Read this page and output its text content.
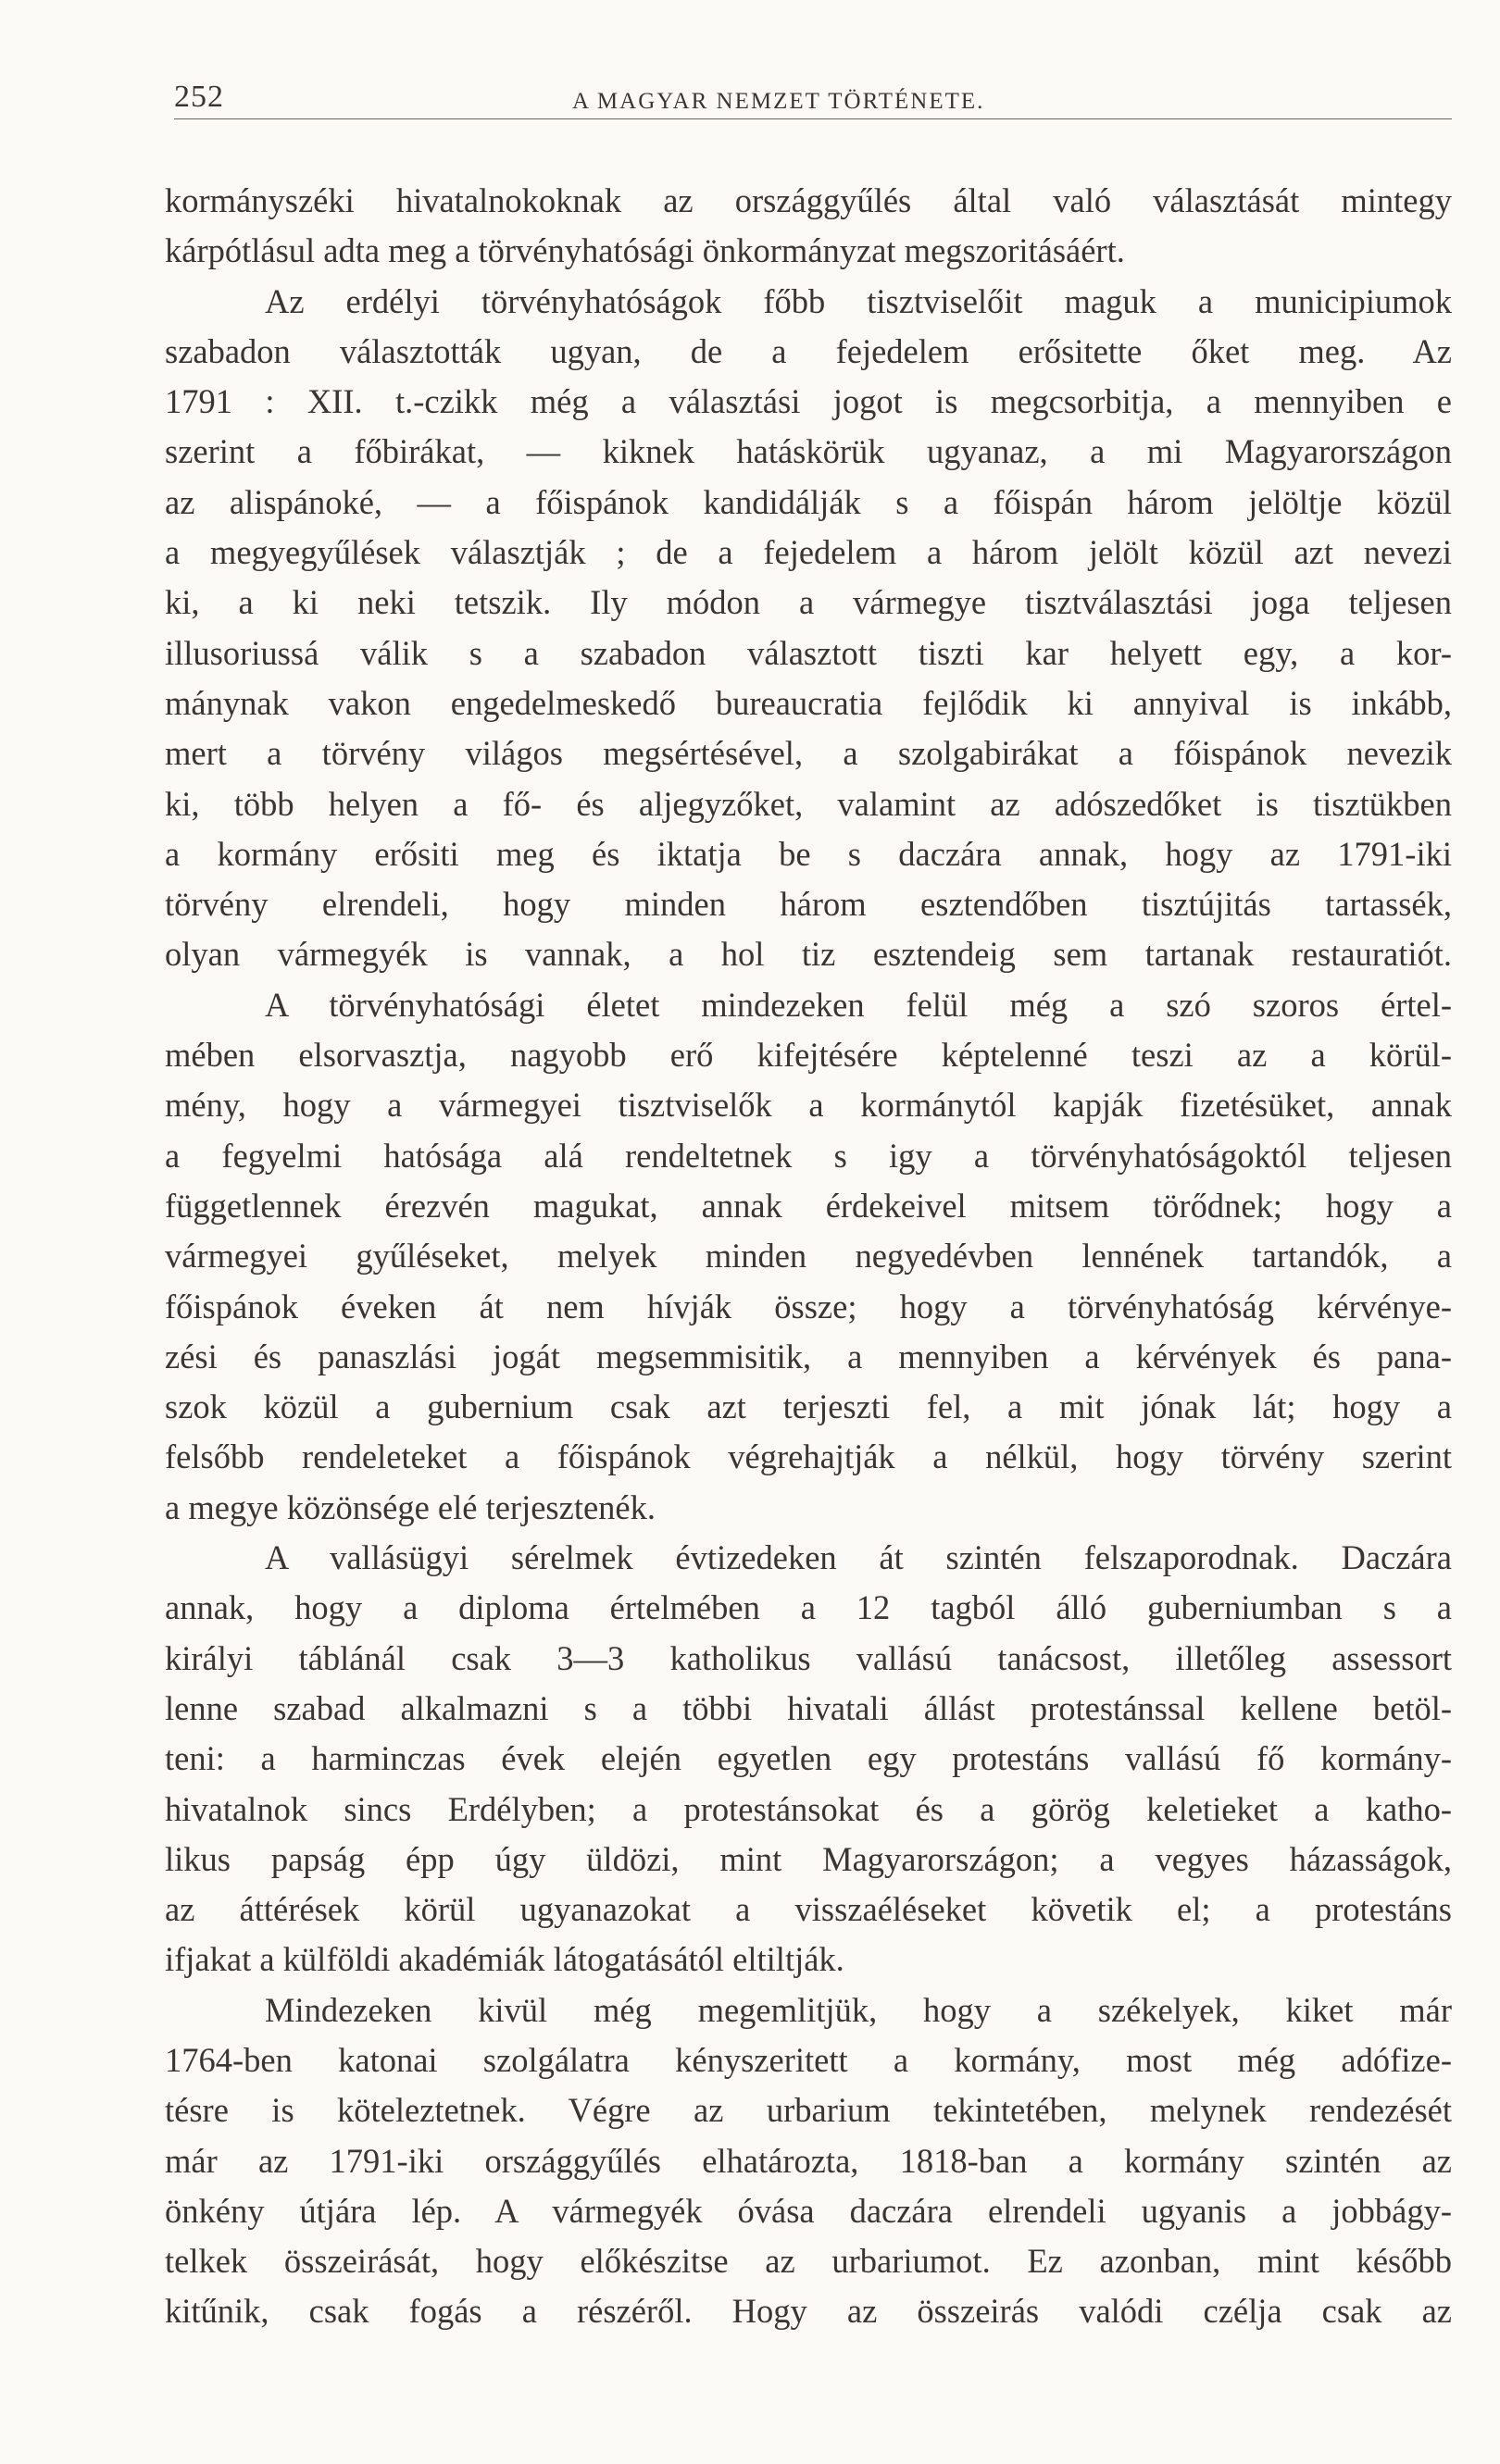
252	A MAGYAR NEMZET TÖRTÉNETE.
kormányszéki hivatalnokoknak az országgyűlés által való választását mintegy
kárpótlásul adta meg a törvényhatósági önkormányzat megszoritásáért.
Az erdélyi törvényhatóságok főbb tisztviselőit maguk a municipiumok
szabadon választották ugyan, de a fejedelem erősitette őket meg. Az
1791 : XII. t.-czikk még a választási jogot is megcsorbitja, a mennyiben e
szerint a főbirákat, — kiknek hatáskörük ugyanaz, a mi Magyarországon
az alispánoké, — a főispánok kandidálják s a főispán három jelöltje közül
a megyegyűlések választják ; de a fejedelem a három jelölt közül azt nevezi
ki, a ki neki tetszik. Ily módon a vármegye tisztválasztási joga teljesen
illusoriussá válik s a szabadon választott tiszti kar helyett egy, a kor-
mánynak vakon engedelmeskedő bureaucratia fejlődik ki annyival is inkább,
mert a törvény világos megsértésével, a szolgabirákat a főispánok nevezik
ki, több helyen a fő- és aljegyzőket, valamint az adószedőket is tisztükben
a kormány erősiti meg és iktatja be s daczára annak, hogy az 1791-iki
törvény elrendeli, hogy minden három esztendőben tisztújitás tartassék,
olyan vármegyék is vannak, a hol tiz esztendeig sem tartanak restauratiót.
A törvényhatósági életet mindezeken felül még a szó szoros értel-
mében elsorvasztja, nagyobb erő kifejtésére képtelenné teszi az a körül-
mény, hogy a vármegyei tisztviselők a kormánytól kapják fizetésüket, annak
a fegyelmi hatósága alá rendeltetnek s igy a törvényhatóságoktól teljesen
függetlennek érezvén magukat, annak érdekeivel mitsem törődnek; hogy a
vármegyei gyűléseket, melyek minden negyedévben lennének tartandók, a
főispánok éveken át nem hívják össze; hogy a törvényhatóság kérvénye-
zési és panaszlási jogát megsemmisitik, a mennyiben a kérvények és pana-
szok közül a gubernium csak azt terjeszti fel, a mit jónak lát; hogy a
felsőbb rendeleteket a főispánok végrehajtják a nélkül, hogy törvény szerint
a megye közönsége elé terjesztenék.
A vallásügyi sérelmek évtizedeken át szintén felszaporodnak. Daczára
annak, hogy a diploma értelmében a 12 tagból álló guberniumban s a
királyi táblánál csak 3—3 katholikus vallású tanácsost, illetőleg assessort
lenne szabad alkalmazni s a többi hivatali állást protestánssal kellene betöl-
teni: a harminczas évek elején egyetlen egy protestáns vallású fő kormány-
hivatalnok sincs Erdélyben; a protestánsokat és a görög keletieket a katho-
likus papság épp úgy üldözi, mint Magyarországon; a vegyes házasságok,
az áttérések körül ugyanazokat a visszaéléseket követik el; a protestáns
ifjakat a külföldi akadémiák látogatásától eltiltják.
Mindezeken kivül még megemlitjük, hogy a székelyek, kiket már
1764-ben katonai szolgálatra kényszeritett a kormány, most még adófize-
tésre is köteleztetnek. Végre az urbarium tekintetében, melynek rendezését
már az 1791-iki országgyűlés elhatározta, 1818-ban a kormány szintén az
önkény útjára lép. A vármegyék óvása daczára elrendeli ugyanis a jobbágy-
telkek összeirását, hogy előkészitse az urbariumot. Ez azonban, mint később
kitűnik, csak fogás a részéről. Hogy az összeirás valódi czélja csak az
